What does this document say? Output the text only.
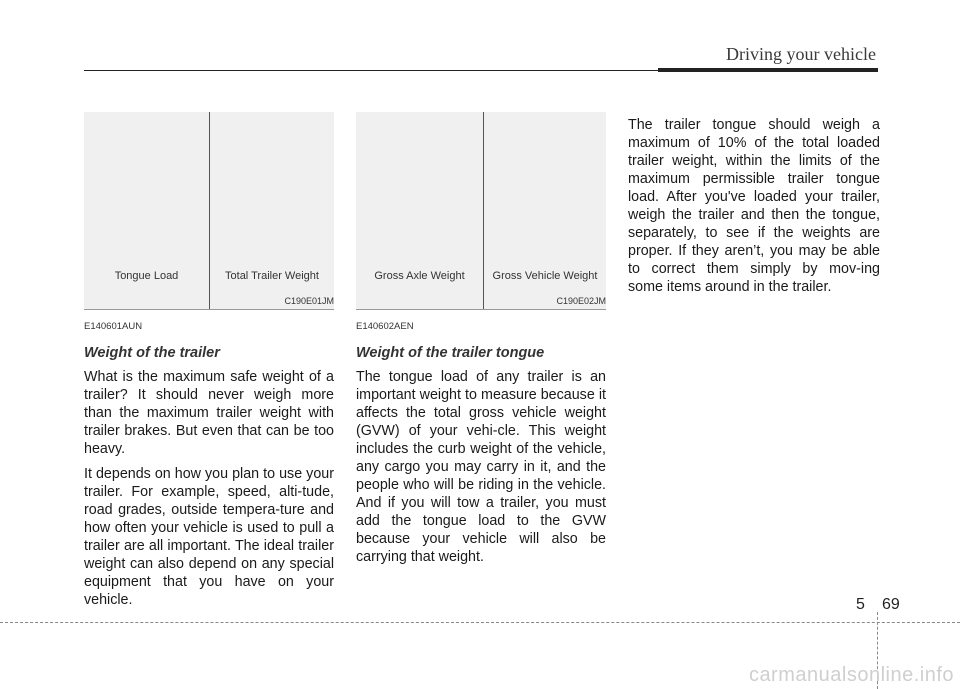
Driving your vehicle
Tongue Load	Total Trailer Weight
C190E01JM
Gross Axle Weight	Gross Vehicle Weight
C190E02JM
E140601AUN
Weight of the trailer

What is the maximum safe weight of a trailer? It should never weigh more than the maximum trailer weight with trailer brakes. But even that can be too heavy.

It depends on how you plan to use your trailer. For example, speed, alti-tude, road grades, outside tempera-ture and how often your vehicle is used to pull a trailer are all important. The ideal trailer weight can also depend on any special equipment that you have on your vehicle.

E140602AEN
Weight of the trailer tongue

The tongue load of any trailer is an important weight to measure because it affects the total gross vehicle weight (GVW) of your vehi-cle. This weight includes the curb weight of the vehicle, any cargo you may carry in it, and the people who will be riding in the vehicle. And if you will tow a trailer, you must add the tongue load to the GVW because your vehicle will also be carrying that weight.

The trailer tongue should weigh a maximum of 10% of the total loaded trailer weight, within the limits of the maximum permissible trailer tongue load. After you've loaded your trailer, weigh the trailer and then the tongue, separately, to see if the weights are proper. If they aren’t, you may be able to correct them simply by mov-ing some items around in the trailer.

5 69
carmanualsonline.info
